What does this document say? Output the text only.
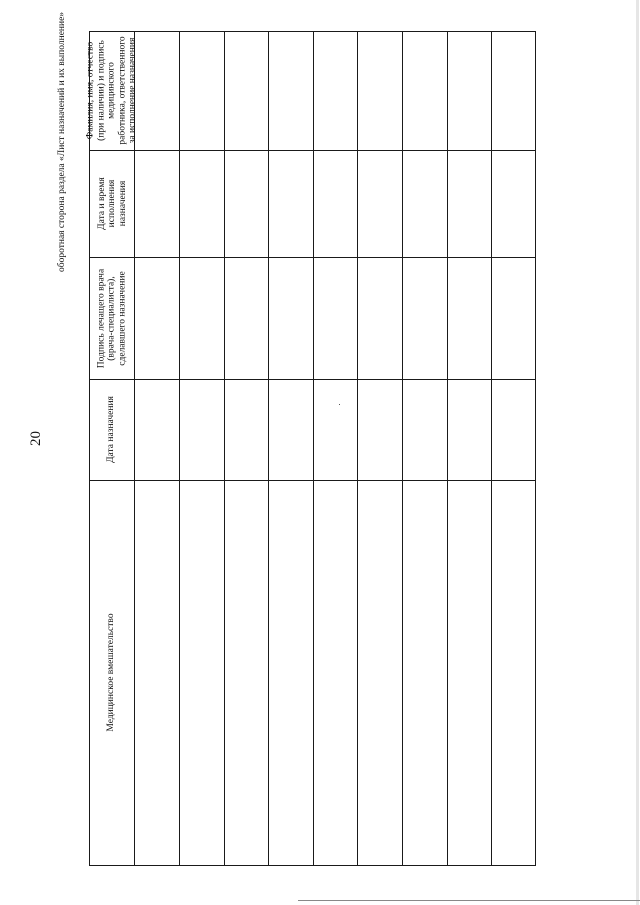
20
оборотная сторона раздела «Лист назначений и их выполнение»
Медицинское вмешательство
Дата назначения
Подпись лечащего врача (врача-специалиста), сделавшего назначение
Дата и время исполнения назначения
Фамилия, имя, отчество (при наличии) и подпись медицинского работника, ответственного за исполнение назначения
